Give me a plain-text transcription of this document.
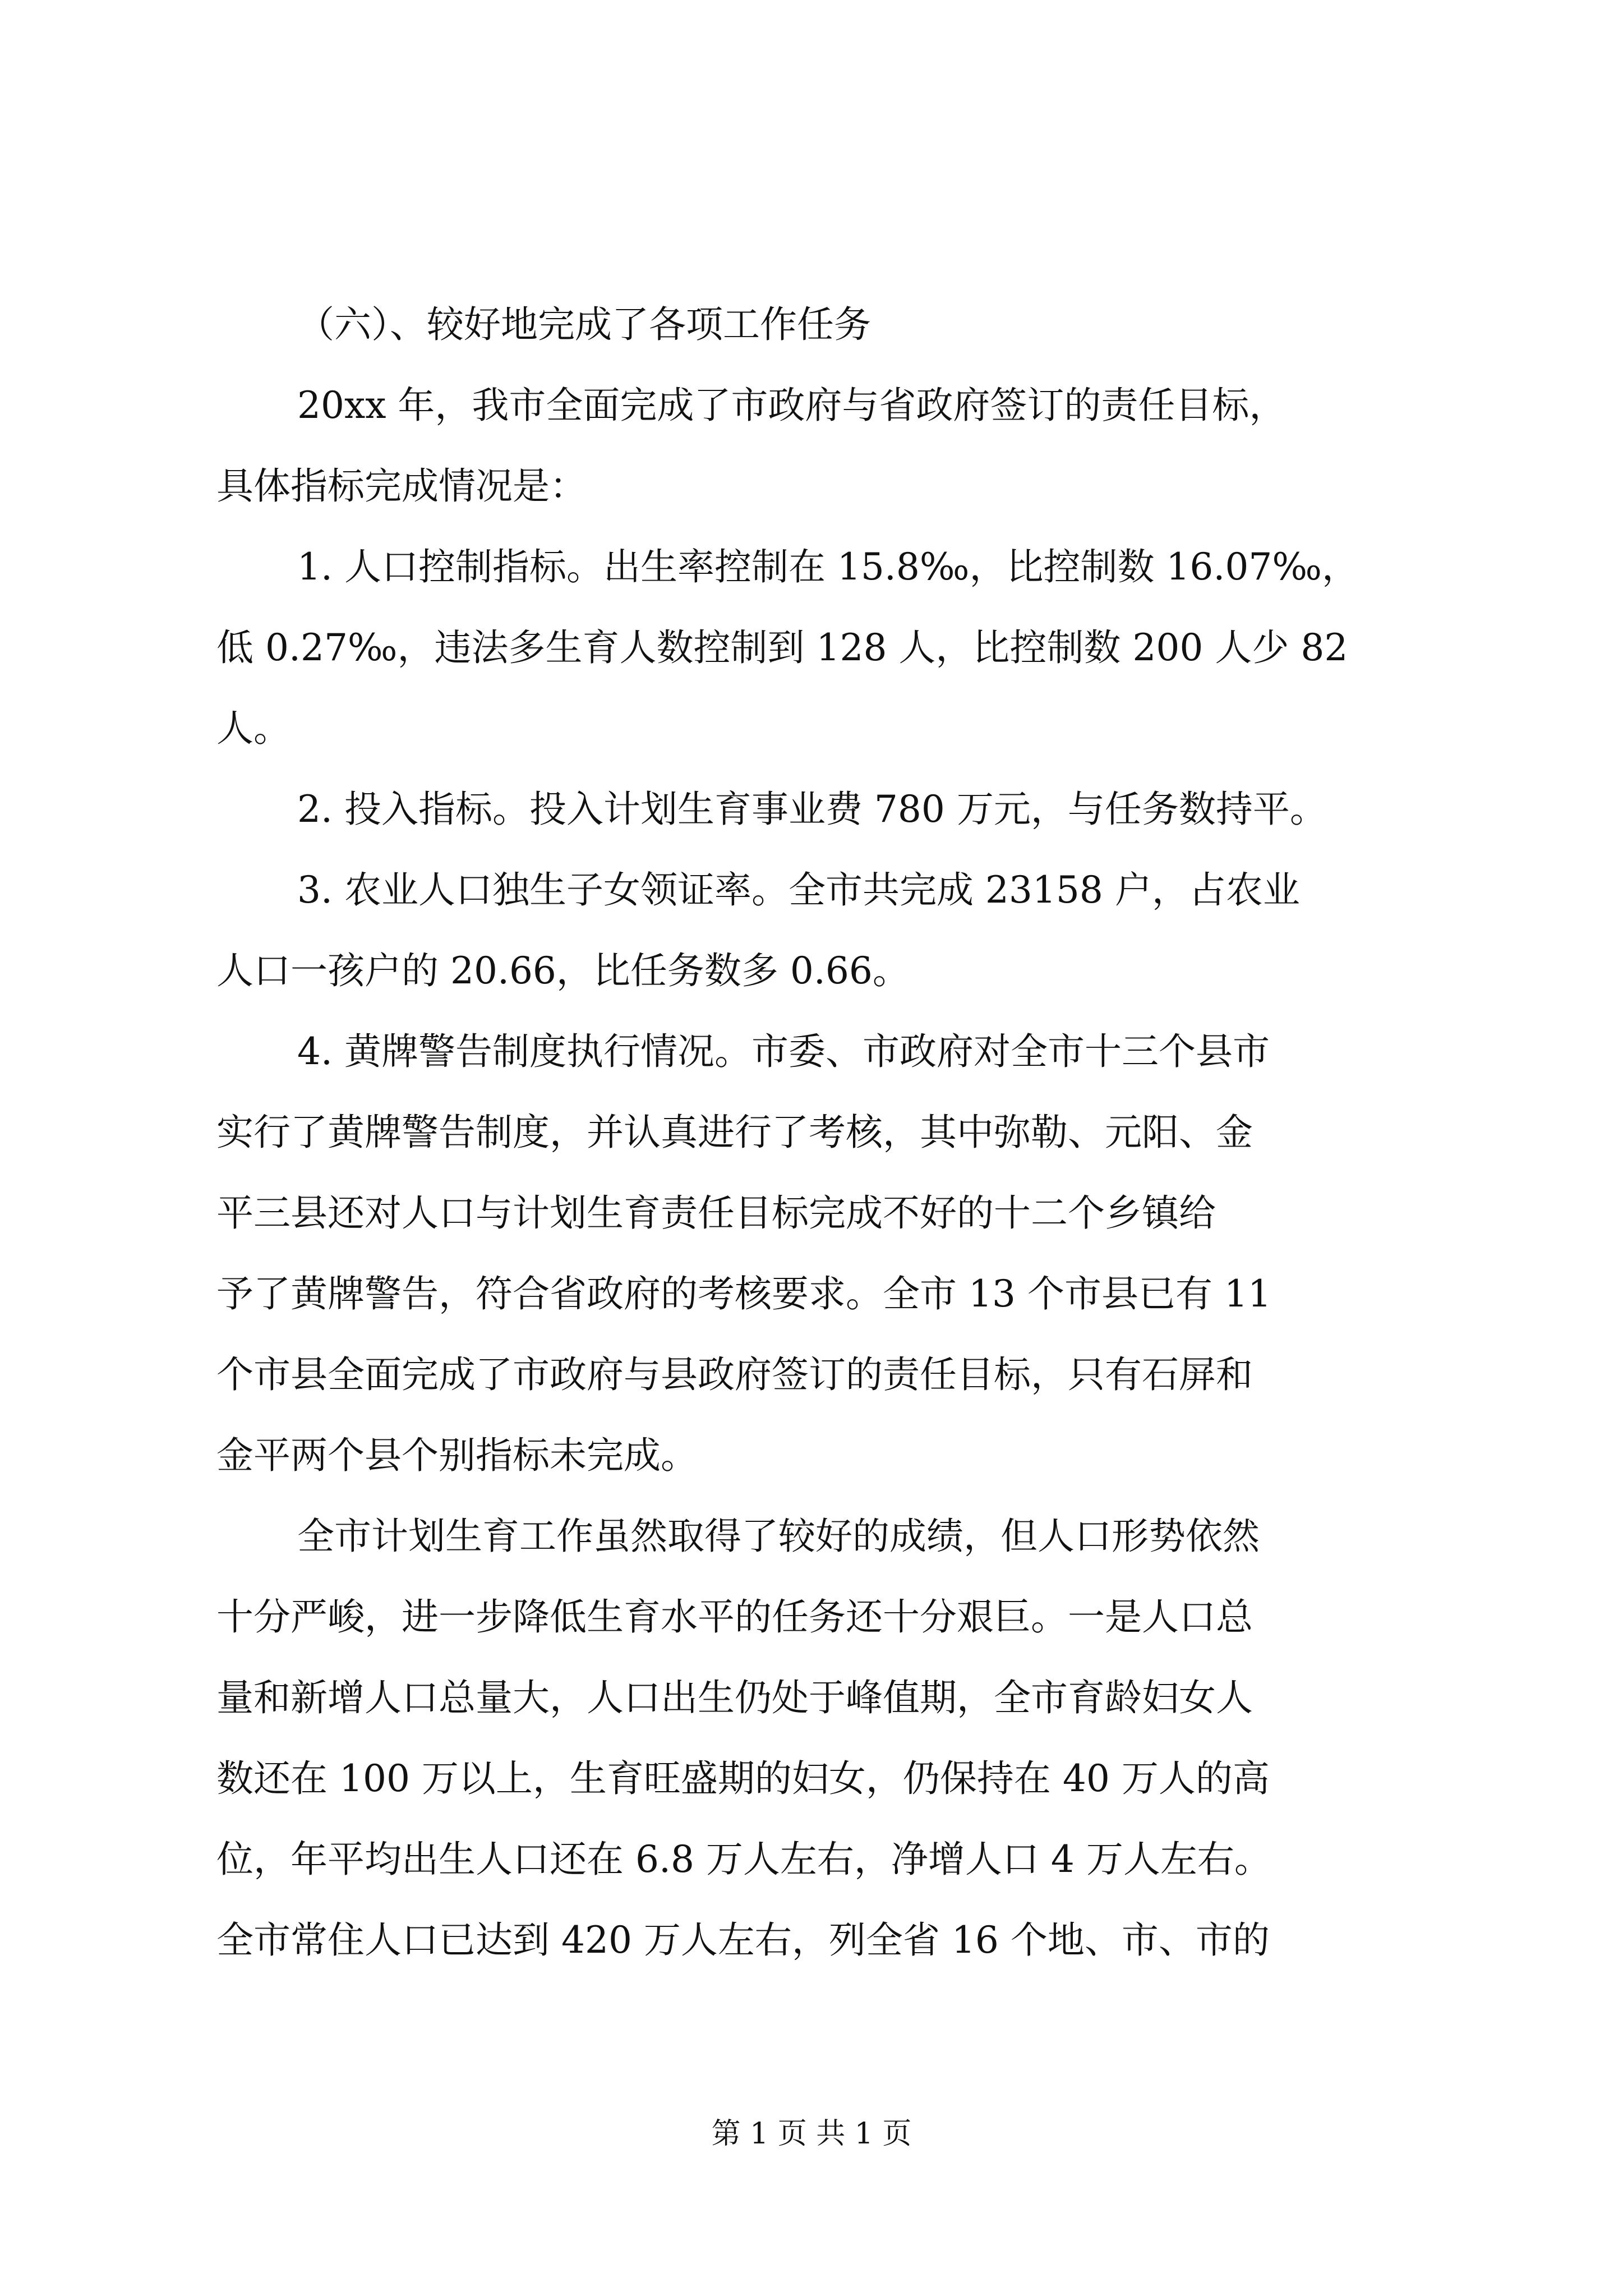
（六）、较好地完成了各项工作任务
20xx 年，我市全面完成了市政府与省政府签订的责任目标，
具体指标完成情况是：
1. 人口控制指标。出生率控制在 15.8‰，比控制数 16.07‰，
低 0.27‰，违法多生育人数控制到 128 人，比控制数 200 人少 82
人。
2. 投入指标。投入计划生育事业费 780 万元，与任务数持平。
3. 农业人口独生子女领证率。全市共完成 23158 户，占农业
人口一孩户的 20.66，比任务数多 0.66。
4. 黄牌警告制度执行情况。市委、市政府对全市十三个县市
实行了黄牌警告制度，并认真进行了考核，其中弥勒、元阳、金
平三县还对人口与计划生育责任目标完成不好的十二个乡镇给
予了黄牌警告，符合省政府的考核要求。全市 13 个市县已有 11
个市县全面完成了市政府与县政府签订的责任目标，只有石屏和
金平两个县个别指标未完成。
全市计划生育工作虽然取得了较好的成绩，但人口形势依然
十分严峻，进一步降低生育水平的任务还十分艰巨。一是人口总
量和新增人口总量大，人口出生仍处于峰值期，全市育龄妇女人
数还在 100 万以上，生育旺盛期的妇女，仍保持在 40 万人的高
位，年平均出生人口还在 6.8 万人左右，净增人口 4 万人左右。
全市常住人口已达到 420 万人左右，列全省 16 个地、市、市的
第 1 页 共 1 页
